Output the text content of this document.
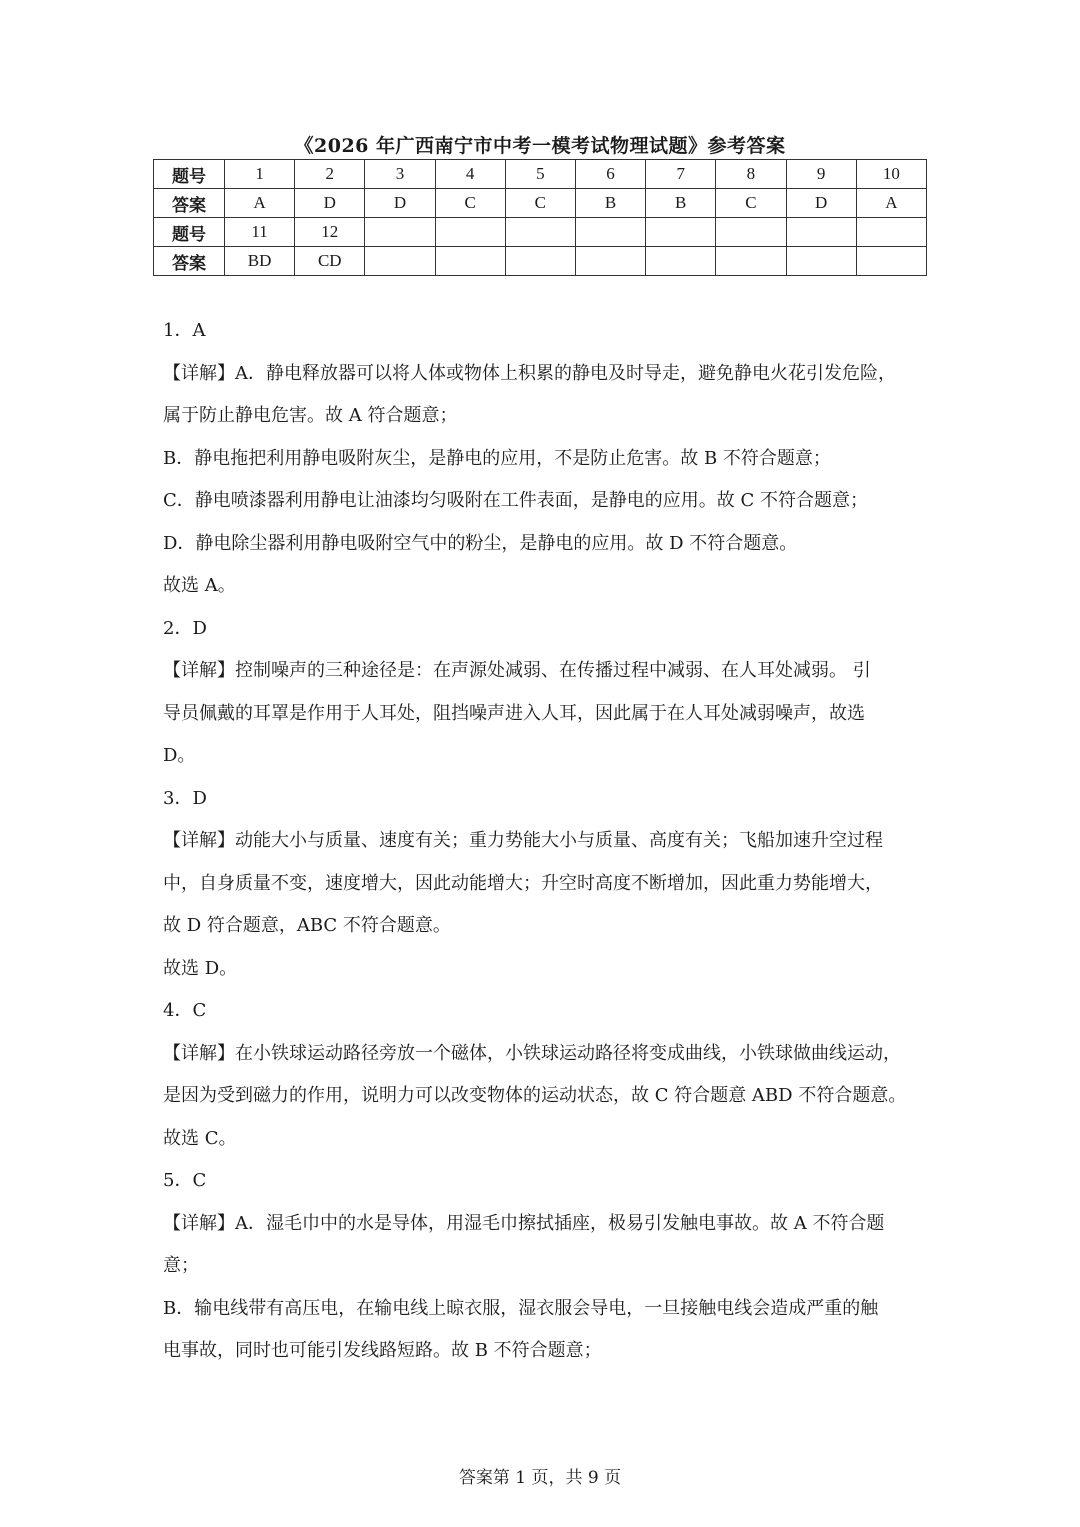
《2026 年广西南宁市中考一模考试物理试题》参考答案
题号	1	2	3	4	5	6	7	8	9	10
答案	A	D	D	C	C	B	B	C	D	A
题号	11	12								
答案	BD	CD								

1．A

【详解】A．静电释放器可以将人体或物体上积累的静电及时导走，避免静电火花引发危险，

属于防止静电危害。故 A 符合题意；

B．静电拖把利用静电吸附灰尘，是静电的应用，不是防止危害。故 B 不符合题意；

C．静电喷漆器利用静电让油漆均匀吸附在工件表面，是静电的应用。故 C 不符合题意；

D．静电除尘器利用静电吸附空气中的粉尘，是静电的应用。故 D 不符合题意。

故选 A。

2．D

【详解】控制噪声的三种途径是：在声源处减弱、在传播过程中减弱、在人耳处减弱。 引

导员佩戴的耳罩是作用于人耳处，阻挡噪声进入人耳，因此属于在人耳处减弱噪声，故选

D。

3．D

【详解】动能大小与质量、速度有关；重力势能大小与质量、高度有关；飞船加速升空过程

中，自身质量不变，速度增大，因此动能增大；升空时高度不断增加，因此重力势能增大，

故 D 符合题意，ABC 不符合题意。

故选 D。

4．C

【详解】在小铁球运动路径旁放一个磁体，小铁球运动路径将变成曲线，小铁球做曲线运动，

是因为受到磁力的作用，说明力可以改变物体的运动状态，故 C 符合题意 ABD 不符合题意。

故选 C。

5．C

【详解】A．湿毛巾中的水是导体，用湿毛巾擦拭插座，极易引发触电事故。故 A 不符合题

意；

B．输电线带有高压电，在输电线上晾衣服，湿衣服会导电，一旦接触电线会造成严重的触

电事故，同时也可能引发线路短路。故 B 不符合题意；

答案第 1 页，共 9 页
